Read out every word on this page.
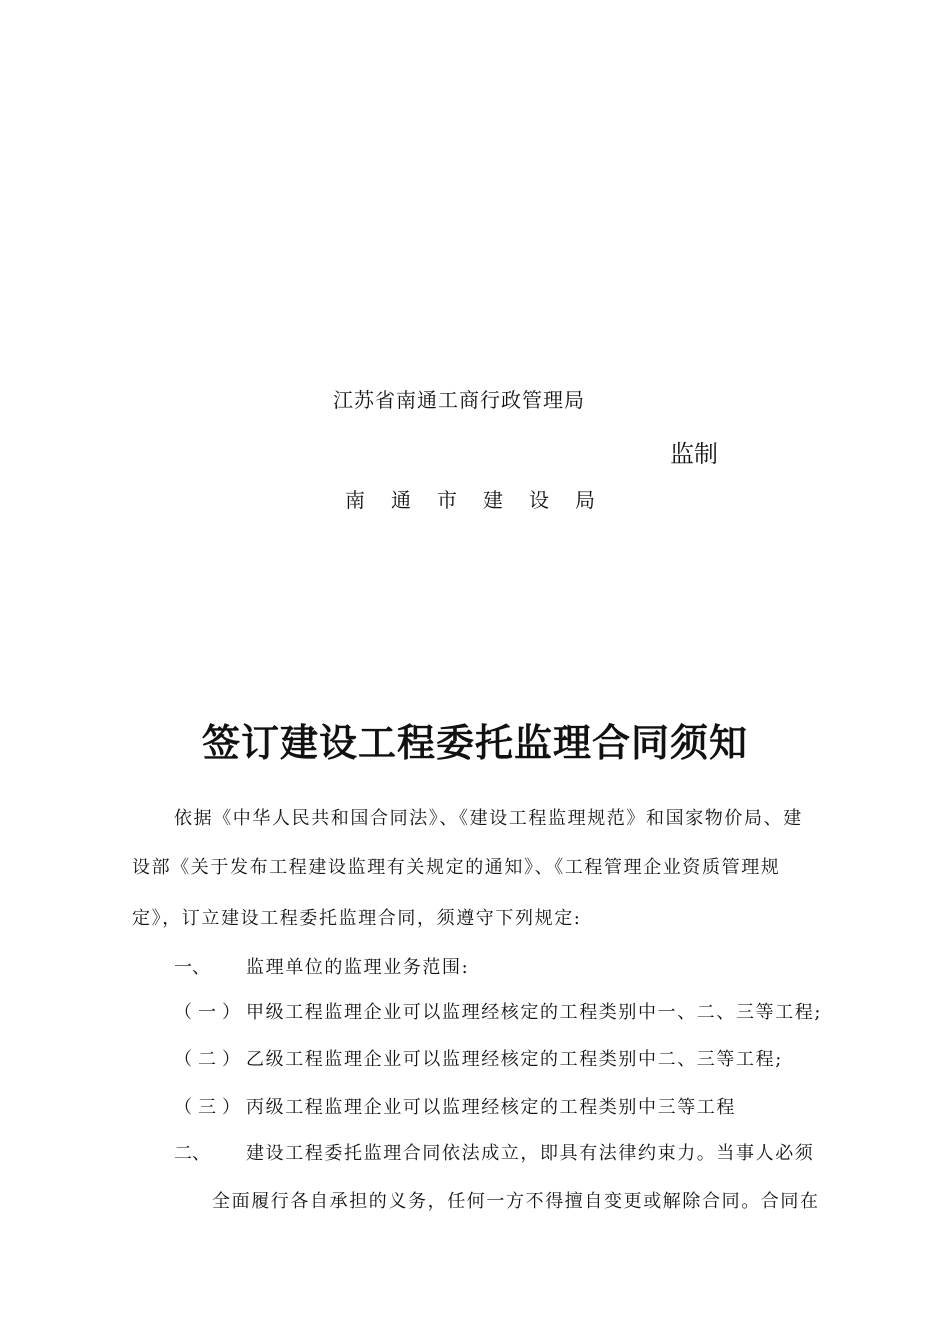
江苏省南通工商行政管理局
监制
南通市建设局
签订建设工程委托监理合同须知
依据《中华人民共和国合同法》、《建设工程监理规范》和国家物价局、建
设部《关于发布工程建设监理有关规定的通知》、《工程管理企业资质管理规
定》，订立建设工程委托监理合同，须遵守下列规定:
一、 监理单位的监理业务范围:
（一） 甲级工程监理企业可以监理经核定的工程类别中一、二、三等工程;
（二） 乙级工程监理企业可以监理经核定的工程类别中二、三等工程;
（三） 丙级工程监理企业可以监理经核定的工程类别中三等工程
二、 建设工程委托监理合同依法成立，即具有法律约束力。当事人必须
全面履行各自承担的义务，任何一方不得擅自变更或解除合同。合同在
